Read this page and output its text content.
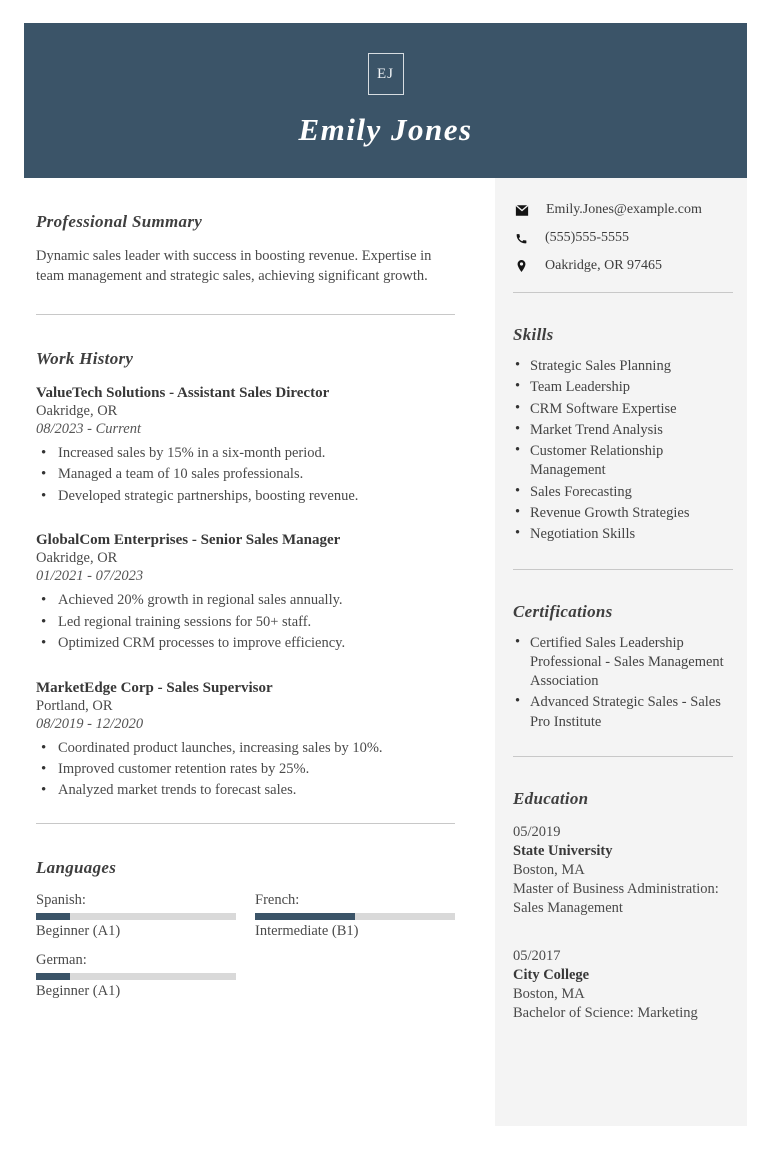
EJ
Emily Jones
Professional Summary

Dynamic sales leader with success in boosting revenue. Expertise in team management and strategic sales, achieving significant growth.

Work History
ValueTech Solutions - Assistant Sales Director
Oakridge, OR
08/2023 - Current
• Increased sales by 15% in a six-month period.
• Managed a team of 10 sales professionals.
• Developed strategic partnerships, boosting revenue.
GlobalCom Enterprises - Senior Sales Manager
Oakridge, OR
01/2021 - 07/2023
• Achieved 20% growth in regional sales annually.
• Led regional training sessions for 50+ staff.
• Optimized CRM processes to improve efficiency.
MarketEdge Corp - Sales Supervisor
Portland, OR
08/2019 - 12/2020
• Coordinated product launches, increasing sales by 10%.
• Improved customer retention rates by 25%.
• Analyzed market trends to forecast sales.
Languages
Spanish:
Beginner (A1)
French:
Intermediate (B1)
German:
Beginner (A1)
Emily.Jones@example.com
(555)555-5555
Oakridge, OR 97465
Skills
• Strategic Sales Planning
• Team Leadership
• CRM Software Expertise
• Market Trend Analysis
• Customer Relationship Management
• Sales Forecasting
• Revenue Growth Strategies
• Negotiation Skills
Certifications
• Certified Sales Leadership Professional - Sales Management Association
• Advanced Strategic Sales - Sales Pro Institute
Education
05/2019
State University
Boston, MA
Master of Business Administration: Sales Management
05/2017
City College
Boston, MA
Bachelor of Science: Marketing
